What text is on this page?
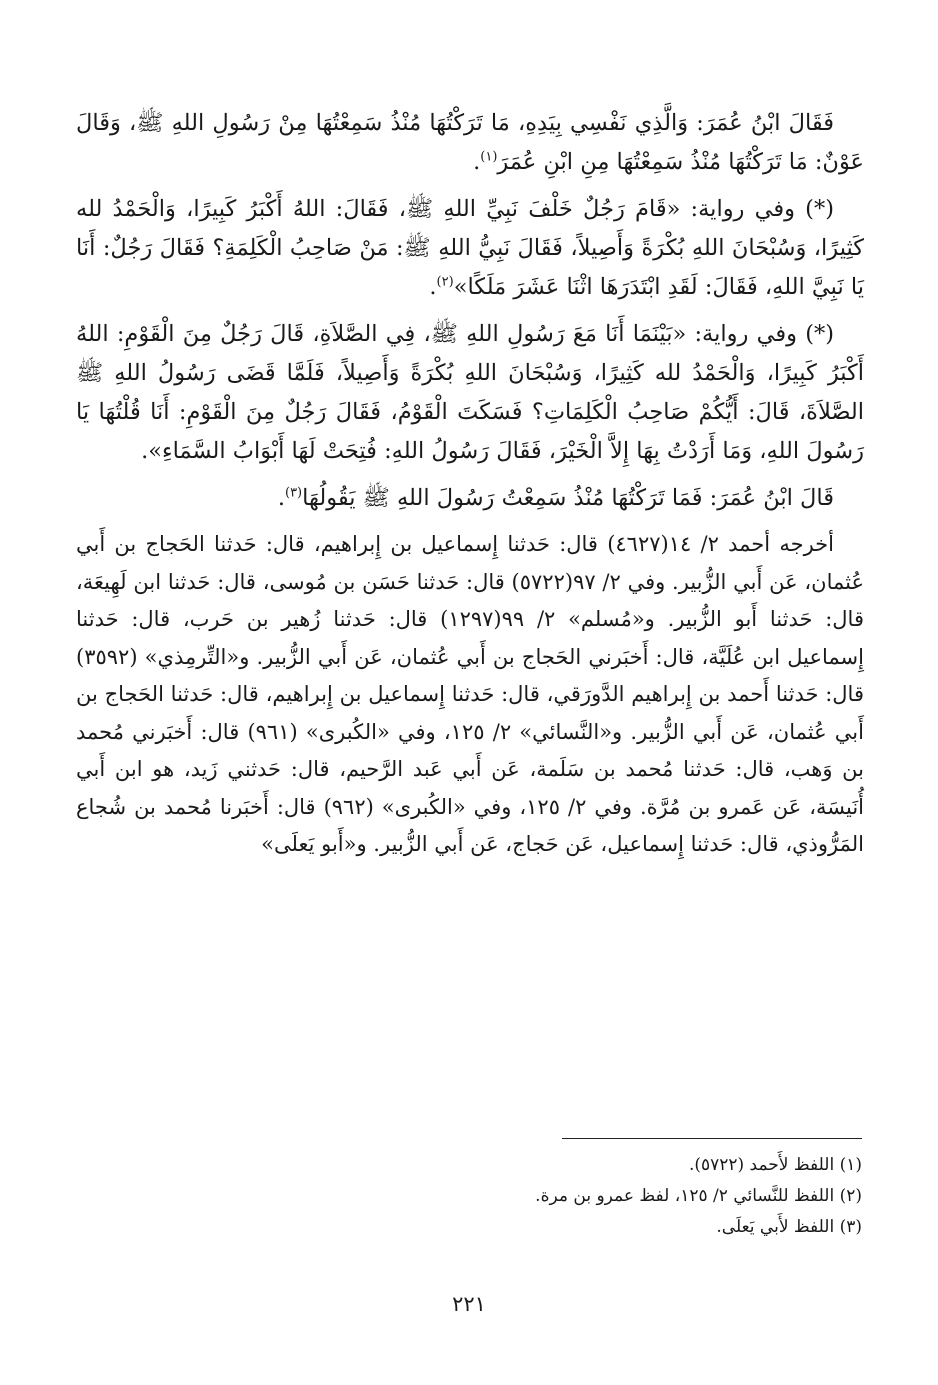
فَقَالَ ابْنُ عُمَرَ: وَالَّذِي نَفْسِي بِيَدِهِ، مَا تَرَكْتُهَا مُنْذُ سَمِعْتُهَا مِنْ رَسُولِ اللهِ ﷺ، وَقَالَ عَوْنٌ: مَا تَرَكْتُهَا مُنْذُ سَمِعْتُهَا مِنِ ابْنِ عُمَرَ$^{(١)}$.

(*) وفي رواية: «قَامَ رَجُلٌ خَلْفَ نَبِيِّ اللهِ ﷺ، فَقَالَ: اللهُ أَكْبَرُ كَبِيرًا، وَالْحَمْدُ لله كَثِيرًا، وَسُبْحَانَ اللهِ بُكْرَةً وَأَصِيلاً، فَقَالَ نَبِيُّ اللهِ ﷺ: مَنْ صَاحِبُ الْكَلِمَةِ؟ فَقَالَ رَجُلٌ: أَنَا يَا نَبِيَّ اللهِ، فَقَالَ: لَقَدِ ابْتَدَرَهَا اثْنَا عَشَرَ مَلَكًا»$^{(٢)}$.

(*) وفي رواية: «بَيْنَمَا أَنَا مَعَ رَسُولِ اللهِ ﷺ، فِي الصَّلاَةِ، قَالَ رَجُلٌ مِنَ الْقَوْمِ: اللهُ أَكْبَرُ كَبِيرًا، وَالْحَمْدُ لله كَثِيرًا، وَسُبْحَانَ اللهِ بُكْرَةً وَأَصِيلاً، فَلَمَّا قَضَى رَسُولُ اللهِ ﷺ الصَّلاَةَ، قَالَ: أَيُّكُمْ صَاحِبُ الْكَلِمَاتِ؟ فَسَكَتَ الْقَوْمُ، فَقَالَ رَجُلٌ مِنَ الْقَوْمِ: أَنَا قُلْتُهَا يَا رَسُولَ اللهِ، وَمَا أَرَدْتُ بِهَا إِلاَّ الْخَيْرَ، فَقَالَ رَسُولُ اللهِ: فُتِحَتْ لَهَا أَبْوَابُ السَّمَاءِ».

قَالَ ابْنُ عُمَرَ: فَمَا تَرَكْتُهَا مُنْذُ سَمِعْتُ رَسُولَ اللهِ ﷺ يَقُولُهَا$^{(٣)}$.

أخرجه أحمد ٢/ ١٤(٤٦٢٧) قال: حَدثنا إِسماعيل بن إِبراهيم، قال: حَدثنا الحَجاج بن أَبي عُثمان، عَن أَبي الزُّبير. وفي ٢/ ٩٧(٥٧٢٢) قال: حَدثنا حَسَن بن مُوسى، قال: حَدثنا ابن لَهِيعَة، قال: حَدثنا أَبو الزُّبير. و«مُسلم» ٢/ ٩٩(١٢٩٧) قال: حَدثنا زُهير بن حَرب، قال: حَدثنا إِسماعيل ابن عُلَيَّة، قال: أَخبَرني الحَجاج بن أَبي عُثمان، عَن أَبي الزُّبير. و«التِّرمِذي» (٣٥٩٢) قال: حَدثنا أَحمد بن إِبراهيم الدَّورَقي، قال: حَدثنا إِسماعيل بن إِبراهيم، قال: حَدثنا الحَجاج بن أَبي عُثمان، عَن أَبي الزُّبير. و«النَّسائي» ٢/ ١٢٥، وفي «الكُبرى» (٩٦١) قال: أَخبَرني مُحمد بن وَهب، قال: حَدثنا مُحمد بن سَلَمة، عَن أَبي عَبد الرَّحيم، قال: حَدثني زَيد، هو ابن أَبي أُنَيسَة، عَن عَمرو بن مُرَّة. وفي ٢/ ١٢٥، وفي «الكُبرى» (٩٦٢) قال: أَخبَرنا مُحمد بن شُجاع المَرُّوذي، قال: حَدثنا إِسماعيل، عَن حَجاج، عَن أَبي الزُّبير. و«أَبو يَعلَى»

(١) اللفظ لأَحمد (٥٧٢٢).

(٢) اللفظ للنَّسائي ٢/ ١٢٥، لفظ عمرو بن مرة.

(٣) اللفظ لأَبي يَعلَى.

٢٢١
